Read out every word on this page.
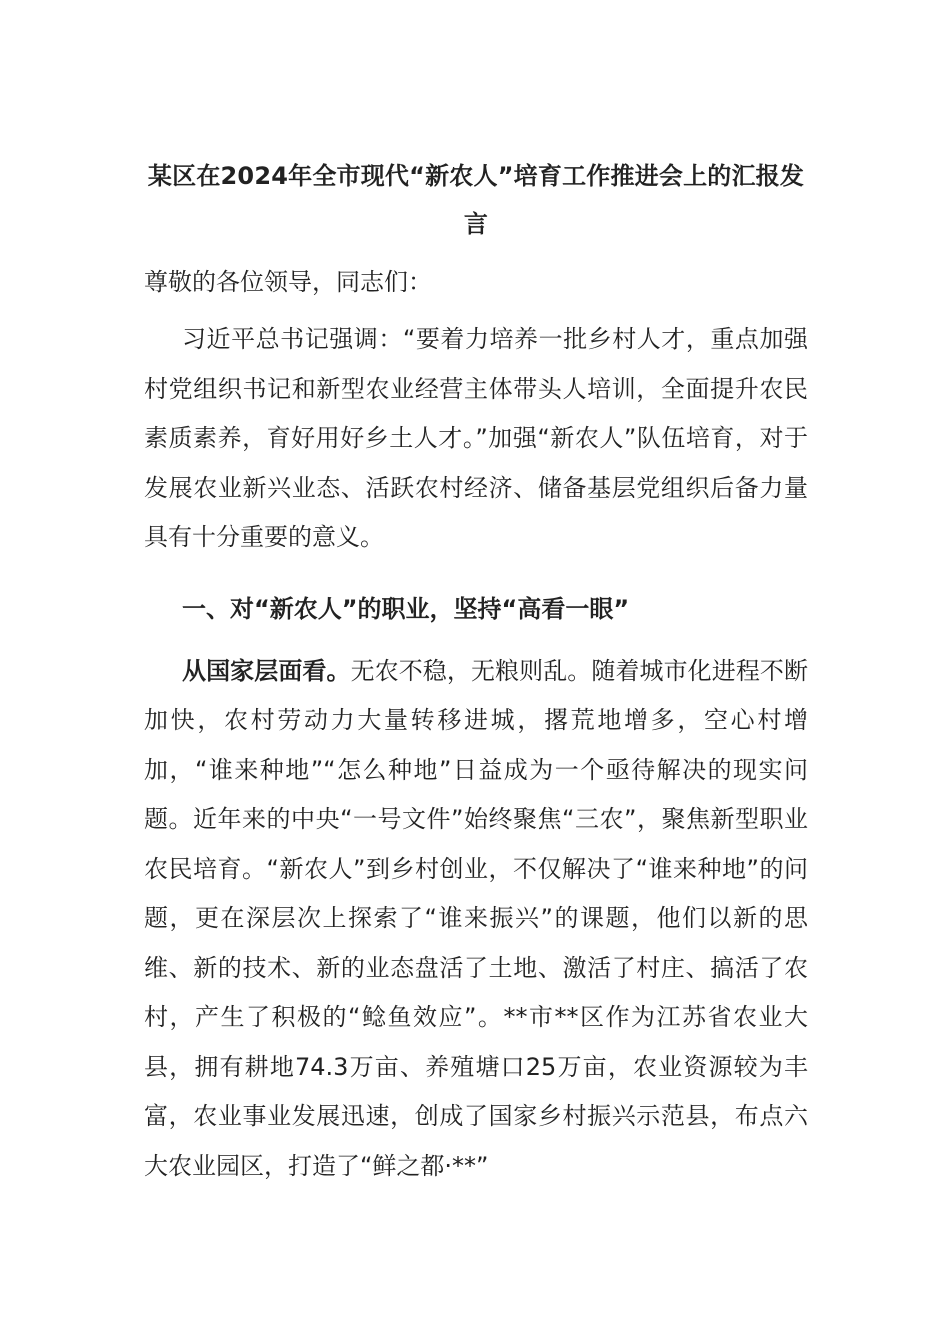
某区在2024年全市现代“新农人”培育工作推进会上的汇报发言

尊敬的各位领导，同志们：

习近平总书记强调：“要着力培养一批乡村人才，重点加强村党组织书记和新型农业经营主体带头人培训，全面提升农民素质素养，育好用好乡土人才。”加强“新农人”队伍培育，对于发展农业新兴业态、活跃农村经济、储备基层党组织后备力量具有十分重要的意义。

一、对“新农人”的职业，坚持“高看一眼”

从国家层面看。无农不稳，无粮则乱。随着城市化进程不断加快，农村劳动力大量转移进城，撂荒地增多，空心村增加，“谁来种地”“怎么种地”日益成为一个亟待解决的现实问题。近年来的中央“一号文件”始终聚焦“三农”，聚焦新型职业农民培育。“新农人”到乡村创业，不仅解决了“谁来种地”的问题，更在深层次上探索了“谁来振兴”的课题，他们以新的思维、新的技术、新的业态盘活了土地、激活了村庄、搞活了农村，产生了积极的“鲶鱼效应”。**市**区作为江苏省农业大县，拥有耕地74.3万亩、养殖塘口25万亩，农业资源较为丰富，农业事业发展迅速，创成了国家乡村振兴示范县，布点六大农业园区，打造了“鲜之都·**”
